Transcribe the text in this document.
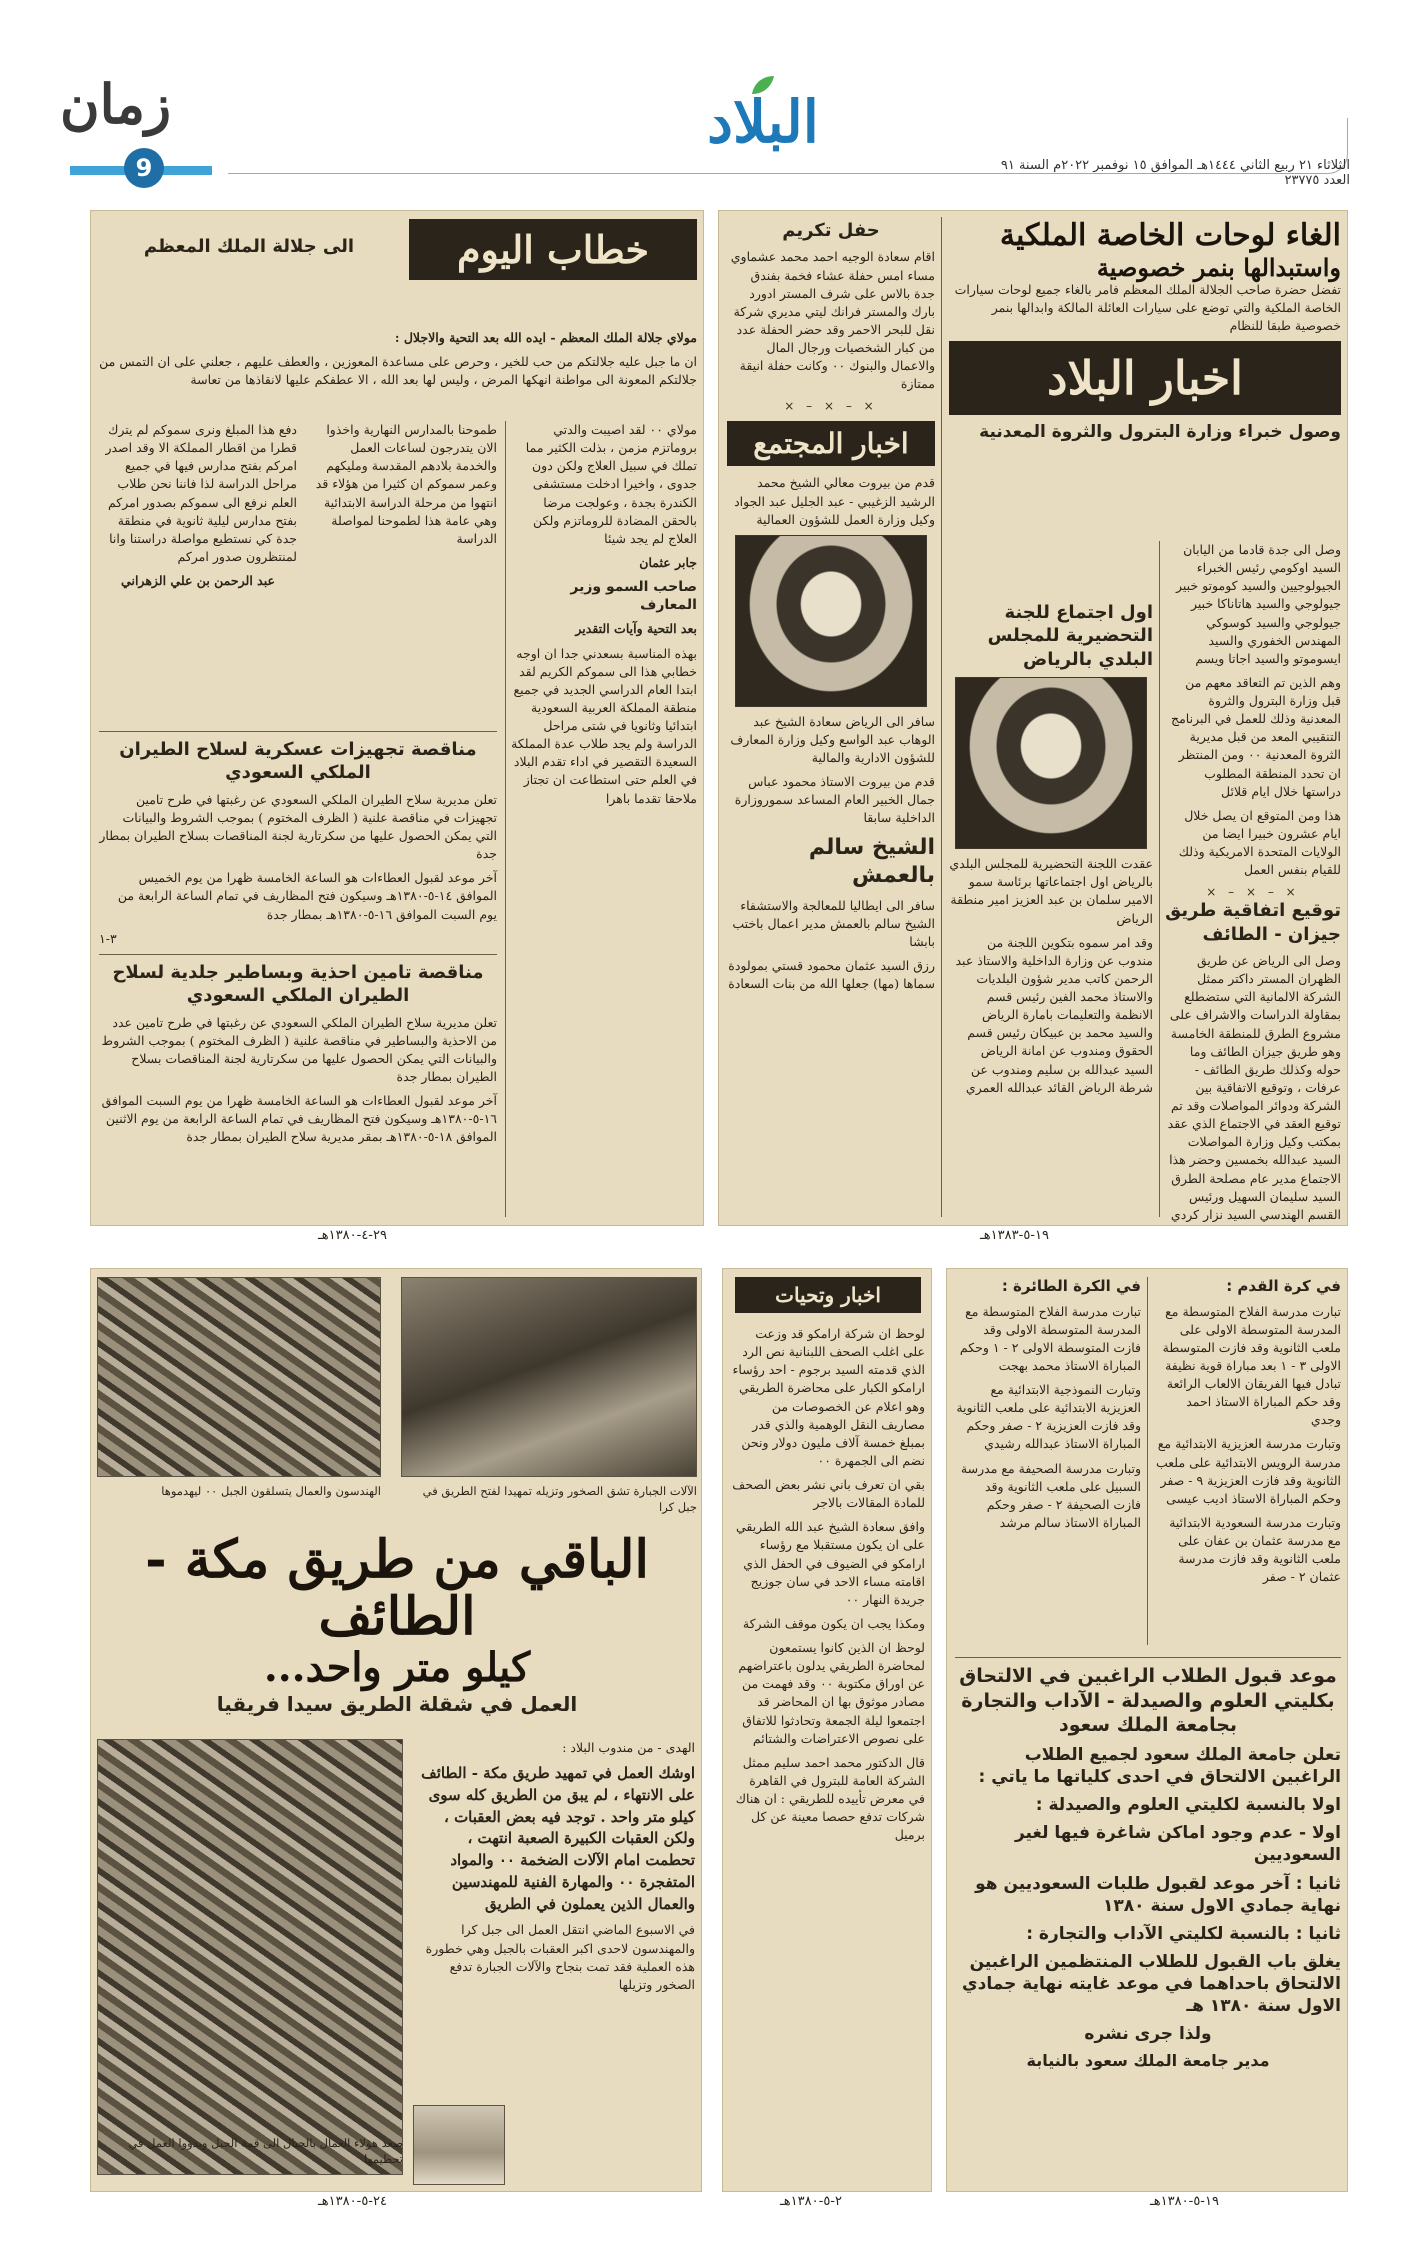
زمان
9
البلاد
الثلاثاء ٢١ ربيع الثاني ١٤٤٤هـ الموافق ١٥ نوفمبر ٢٠٢٢م السنة ٩١ العدد ٢٣٧٧٥

حفل تكريم

اقام سعادة الوجيه احمد محمد عشماوي مساء امس حفلة عشاء فخمة بفندق جدة بالاس على شرف المستر ادورد بارك والمستر فرانك ليتي مديري شركة نقل للبحر الاحمر وقد حضر الحفلة عدد من كبار الشخصيات ورجال المال والاعمال والبنوك ٠٠ وكانت حفلة انيقة ممتازة

× – × – ×
اخبار المجتمع

قدم من بيروت معالي الشيخ محمد الرشيد الزغيبي - عبد الجليل عبد الجواد وكيل وزارة العمل للشؤون العمالية

سافر الى الرياض سعادة الشيخ عبد الوهاب عبد الواسع وكيل وزارة المعارف للشؤون الادارية والمالية

قدم من بيروت الاستاذ محمود عباس جمال الخبير العام المساعد سموروزارة الداخلية سابقا

الشيخ سالم بالعمش

سافر الى ايطاليا للمعالجة والاستشفاء الشيخ سالم بالعمش مدير اعمال باختب بابشا

رزق السيد عثمان محمود قستي بمولودة سماها (مها) جعلها الله من بنات السعادة

الغاء لوحات الخاصة الملكية
واستبدالها بنمر خصوصية

تفضل حضرة صاحب الجلالة الملك المعظم فامر بالغاء جميع لوحات سيارات الخاصة الملكية والتي توضع على سيارات العائلة المالكة وابدالها بنمر خصوصية طبقا للنظام

اخبار البلاد

وصول خبراء وزارة البترول والثروة المعدنية

وصل الى جدة قادما من اليابان السيد اوكومي رئيس الخبراء الجيولوجيين والسيد كوموتو خبير جيولوجي والسيد هاتاناكا خبير جيولوجي والسيد كوسوكي المهندس الخفوري والسيد ايسوموتو والسيد اجاتا ويسم

وهم الذين تم التعاقد معهم من قبل وزارة البترول والثروة المعدنية وذلك للعمل في البرنامج التنقيبي المعد من قبل مديرية الثروة المعدنية ٠٠ ومن المنتظر ان تحدد المنطقة المطلوب دراستها خلال ايام قلائل

هذا ومن المتوقع ان يصل خلال ايام عشرون خبيرا ايضا من الولايات المتحدة الامريكية وذلك للقيام بنفس العمل

× – × – ×

توقيع اتفاقية طريق جيزان - الطائف

وصل الى الرياض عن طريق الظهران المستر داكتر ممثل الشركة الالمانية التي ستضطلع بمقاولة الدراسات والاشراف على مشروع الطرق للمنطقة الخامسة وهو طريق جيزان الطائف وما حوله وكذلك طريق الطائف - عرفات ، وتوقيع الاتفاقية بين الشركة ودوائر المواصلات وقد تم توقيع العقد في الاجتماع الذي عقد بمكتب وكيل وزارة المواصلات السيد عبدالله بخمسين وحضر هذا الاجتماع مدير عام مصلحة الطرق السيد سليمان السهيل ورئيس القسم الهندسي السيد نزار كردي

اول اجتماع للجنة التحضيرية للمجلس البلدي بالرياض

عقدت اللجنة التحضيرية للمجلس البلدي بالرياض اول اجتماعاتها برئاسة سمو الامير سلمان بن عبد العزيز امير منطقة الرياض

وقد امر سموه بتكوين اللجنة من مندوب عن وزارة الداخلية والاستاذ عبد الرحمن كاتب مدير شؤون البلديات والاستاذ محمد الفين رئيس قسم الانظمة والتعليمات بامارة الرياض والسيد محمد بن عبيكان رئيس قسم الحقوق ومندوب عن امانة الرياض السيد عبدالله بن سليم ومندوب عن شرطة الرياض القائد عبدالله العمري

١٩-٥-١٣٨٣هـ
خطاب اليوم

الى جلالة الملك المعظم

مولاي جلالة الملك المعظم - ايده الله بعد التحية والاجلال :

ان ما جبل عليه جلالتكم من حب للخير ، وحرص على مساعدة المعوزين ، والعطف عليهم ، جعلني على ان التمس من جلالتكم المعونة الى مواطنة انهكها المرض ، وليس لها بعد الله ، الا عطفكم عليها لانقاذها من تعاسة

مولاي ٠٠ لقد اصيبت والدتي بروماتزم مزمن ، بذلت الكثير مما تملك في سبيل العلاج ولكن دون جدوى ، واخيرا ادخلت مستشفى الكندرة بجدة ، وعولجت مرضا بالحقن المضادة للروماتزم ولكن العلاج لم يجد شيئا

جابر عثمان

صاحب السمو وزير المعارف

بعد التحية وآيات التقدير

بهذه المناسبة بسعدني جدا ان اوجه خطابي هذا الى سموكم الكريم لقد ابتدا العام الدراسي الجديد في جميع منطقة المملكة العربية السعودية ابتدائيا وثانويا في شتى مراحل الدراسة ولم يجد طلاب عدة المملكة السعيدة التقصير في اداء تقدم البلاد في العلم حتى استطاعت ان تجتاز ملاحقا تقدما باهرا

طموحنا بالمدارس النهارية واخذوا الان يتدرجون لساعات العمل والخدمة بلادهم المقدسة ومليكهم وعمر سموكم ان كثيرا من هؤلاء قد انتهوا من مرحلة الدراسة الابتدائية وهي عامة هذا لطموحنا لمواصلة الدراسة

دفع هذا المبلغ ونرى سموكم لم يترك قطرا من اقطار المملكة الا وقد اصدر امركم بفتح مدارس فيها في جميع مراحل الدراسة لذا فاننا نحن طلاب العلم نرفع الى سموكم بصدور امركم بفتح مدارس ليلية ثانوية في منطقة جدة كي نستطيع مواصلة دراستنا وانا لمنتظرون صدور امركم

عبد الرحمن بن علي الزهراني

مناقصة تجهيزات عسكرية لسلاح الطيران الملكي السعودي

تعلن مديرية سلاح الطيران الملكي السعودي عن رغبتها في طرح تامين تجهيزات في مناقصة علنية ( الظرف المختوم ) بموجب الشروط والبيانات التي يمكن الحصول عليها من سكرتارية لجنة المناقصات بسلاح الطيران بمطار جدة

آخر موعد لقبول العطاءات هو الساعة الخامسة ظهرا من يوم الخميس الموافق ١٤-٥-١٣٨٠هـ وسيكون فتح المظاريف في تمام الساعة الرابعة من يوم السبت الموافق ١٦-٥-١٣٨٠هـ بمطار جدة

٣-١

مناقصة تامين احذية وبساطير جلدية لسلاح الطيران الملكي السعودي

تعلن مديرية سلاح الطيران الملكي السعودي عن رغبتها في طرح تامين عدد من الاحذية والبساطير في مناقصة علنية ( الظرف المختوم ) بموجب الشروط والبيانات التي يمكن الحصول عليها من سكرتارية لجنة المناقصات بسلاح الطيران بمطار جدة

آخر موعد لقبول العطاءات هو الساعة الخامسة ظهرا من يوم السبت الموافق ١٦-٥-١٣٨٠هـ وسيكون فتح المظاريف في تمام الساعة الرابعة من يوم الاثنين الموافق ١٨-٥-١٣٨٠هـ بمقر مديرية سلاح الطيران بمطار جدة

٢٩-٤-١٣٨٠هـ
الهندسون والعمال يتسلقون الجبل ٠٠ ليهدموها	الآلات الجبارة تشق الصخور وتزيله تمهيدا لفتح الطريق في جبل كرا
الباقي من طريق مكة - الطائف
كيلو متر واحد...
العمل في شقلة الطريق سيدا فريقيا

الهدى - من مندوب البلاد :

اوشك العمل في تمهيد طريق مكة - الطائف على الانتهاء ، لم يبق من الطريق كله سوى كيلو متر واحد . توجد فيه بعض العقبات ، ولكن العقبات الكبيرة الصعبة انتهت ، تحطمت امام الآلات الضخمة ٠٠ والمواد المتفجرة ٠٠ والمهارة الفنية للمهندسين والعمال الذين يعملون في الطريق

في الاسبوع الماضي انتقل العمل الى جبل كرا والمهندسون لاحدى اكبر العقبات بالجبل وهي خطورة هذه العملية فقد تمت بنجاح والآلات الجبارة تدفع الصخور وتزيلها

صعد هؤلاء العمال بالجبال الى قمة الجبل وبدؤوا العمل في تحطيمها
٢٤-٥-١٣٨٠هـ
اخبار وتحيات

لوحظ ان شركة ارامكو قد وزعت على اغلب الصحف اللبنانية نص الرد الذي قدمته السيد برجوم - احد رؤساء ارامكو الكبار على محاضرة الطريقي وهو اعلام عن الخصوصات من مصاريف النقل الوهمية والذي قدر بمبلغ خمسة آلاف مليون دولار ونحن نضم الى الجمهرة ٠٠

بقي ان تعرف باني نشر بعض الصحف للمادة المقالات بالاجر

وافق سعادة الشيخ عبد الله الطريقي على ان يكون مستقبلا مع رؤساء ارامكو في الضيوف في الحفل الذي اقامته مساء الاحد في سان جوزيج جريدة النهار ٠٠

ومكذا يجب ان يكون موقف الشركة

لوحظ ان الذين كانوا يستمعون لمحاضرة الطريقي يدلون باعتراضهم عن اوراق مكتوبة ٠٠ وقد فهمت من مصادر موثوق بها ان المحاضر قد اجتمعوا ليلة الجمعة وتحادثوا للاتفاق على نصوص الاعتراضات والشتائم

قال الدكتور محمد احمد سليم ممثل الشركة العامة للبترول في القاهرة في معرض تأييده للطريقي : ان هناك شركات تدفع حصصا معينة عن كل برميل

٢-٥-١٣٨٠هـ

في كرة القدم :

تبارت مدرسة الفلاح المتوسطة مع المدرسة المتوسطة الاولى على ملعب الثانوية وقد فازت المتوسطة الاولى ٣ - ١ بعد مباراة قوية نظيفة تبادل فيها الفريقان الالعاب الرائعة وقد حكم المباراة الاستاذ احمد وجدي

وتبارت مدرسة العزيزية الابتدائية مع مدرسة الرويس الابتدائية على ملعب الثانوية وقد فازت العزيزية ٩ - صفر وحكم المباراة الاستاذ اديب عيسى

وتبارت مدرسة السعودية الابتدائية مع مدرسة عثمان بن عفان على ملعب الثانوية وقد فازت مدرسة عثمان ٢ - صفر

في الكرة الطائرة :

تبارت مدرسة الفلاح المتوسطة مع المدرسة المتوسطة الاولى وقد فازت المتوسطة الاولى ٢ - ١ وحكم المباراة الاستاذ محمد بهجت

وتبارت النموذجية الابتدائية مع العزيزية الابتدائية على ملعب الثانوية وقد فازت العزيزية ٢ - صفر وحكم المباراة الاستاذ عبدالله رشيدي

وتبارت مدرسة الصحيفة مع مدرسة السبيل على ملعب الثانوية وقد فازت الصحيفة ٢ - صفر وحكم المباراة الاستاذ سالم مرشد

موعد قبول الطلاب الراغبين في الالتحاق بكليتي العلوم والصيدلة - الآداب والتجارة بجامعة الملك سعود

تعلن جامعة الملك سعود لجميع الطلاب الراغبين الالتحاق في احدى كلياتها ما ياتي :

اولا بالنسبة لكليتي العلوم والصيدلة :

اولا - عدم وجود اماكن شاغرة فيها لغير السعوديين

ثانيا : آخر موعد لقبول طلبات السعوديين هو نهاية جمادي الاول سنة ١٣٨٠

ثانيا : بالنسبة لكليتي الآداب والتجارة :

يغلق باب القبول للطلاب المنتظمين الراغبين الالتحاق باحداهما في موعد غايته نهاية جمادي الاول سنة ١٣٨٠ هـ

ولذا جرى نشره

مدير جامعة الملك سعود بالنيابة

١٩-٥-١٣٨٠هـ
